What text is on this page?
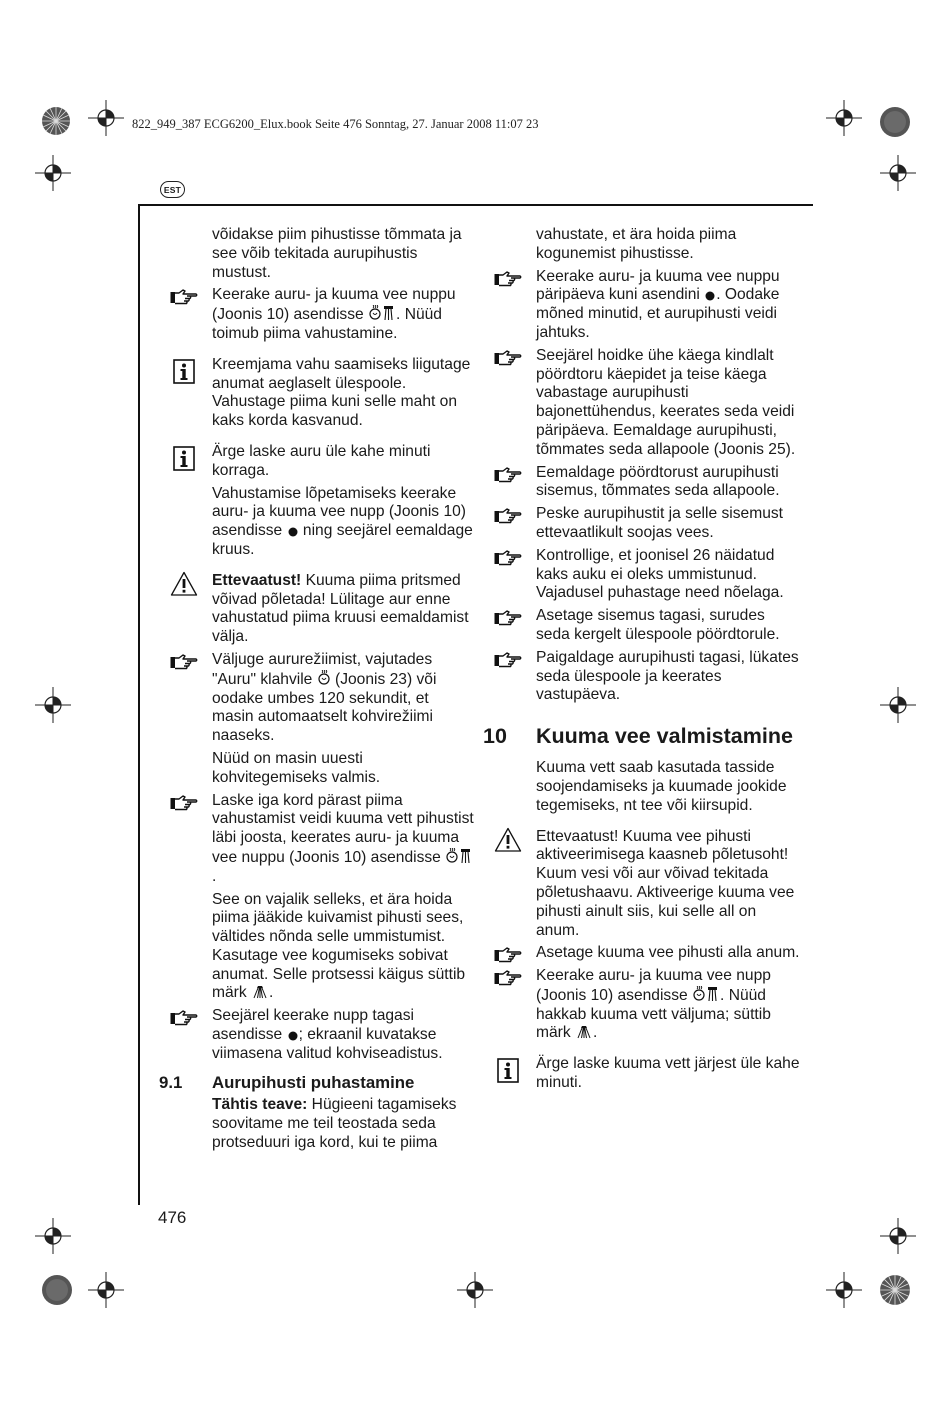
822_949_387 ECG6200_Elux.book Seite 476 Sonntag, 27. Januar 2008 11:07 23
EST
476
võidakse piim pihustisse tõmmata ja see võib tekitada aurupihustis mustust.
Keerake auru- ja kuuma vee nuppu (Joonis 10) asendisse . Nüüd toimub piima vahustamine.
Kreemjama vahu saamiseks liigutage anumat aeglaselt ülespoole. Vahustage piima kuni selle maht on kaks korda kasvanud.
Ärge laske auru üle kahe minuti korraga.
Vahustamise lõpetamiseks keerake auru- ja kuuma vee nupp (Joonis 10) asendisse  ning seejärel eemaldage kruus.
Ettevaatust! Kuuma piima pritsmed võivad põletada! Lülitage aur enne vahustatud piima kruusi eemaldamist välja.
Väljuge aururežiimist, vajutades "Auru" klahvile  (Joonis 23) või oodake umbes 120 sekundit, et masin automaatselt kohvirežiimi naaseks.
Nüüd on masin uuesti kohvitegemiseks valmis.
Laske iga kord pärast piima vahustamist veidi kuuma vett pihustist läbi joosta, keerates auru- ja kuuma vee nuppu (Joonis 10) asendisse .
See on vajalik selleks, et ära hoida piima jääkide kuivamist pihusti sees, vältides nõnda selle ummistumist. Kasutage vee kogumiseks sobivat anumat. Selle protsessi käigus süttib märk .
Seejärel keerake nupp tagasi asendisse ; ekraanil kuvatakse viimasena valitud kohviseadistus.
9.1 Aurupihusti puhastamine
Tähtis teave: Hügieeni tagamiseks soovitame me teil teostada seda protseduuri iga kord, kui te piima
vahustate, et ära hoida piima kogunemist pihustisse.
Keerake auru- ja kuuma vee nuppu päripäeva kuni asendini . Oodake mõned minutid, et aurupihusti veidi jahtuks.
Seejärel hoidke ühe käega kindlalt pöördtoru käepidet ja teise käega vabastage aurupihusti bajonettühendus, keerates seda veidi päripäeva. Eemaldage aurupihusti, tõmmates seda allapoole (Joonis 25).
Eemaldage pöördtorust aurupihusti sisemus, tõmmates seda allapoole.
Peske aurupihustit ja selle sisemust ettevaatlikult soojas vees.
Kontrollige, et joonisel 26 näidatud kaks auku ei oleks ummistunud. Vajadusel puhastage need nõelaga.
Asetage sisemus tagasi, surudes seda kergelt ülespoole pöördtorule.
Paigaldage aurupihusti tagasi, lükates seda ülespoole ja keerates vastupäeva.
10 Kuuma vee valmistamine
Kuuma vett saab kasutada tasside soojendamiseks ja kuumade jookide tegemiseks, nt tee või kiirsupid.
Ettevaatust! Kuuma vee pihusti aktiveerimisega kaasneb põletusoht! Kuum vesi või aur võivad tekitada põletushaavu. Aktiveerige kuuma vee pihusti ainult siis, kui selle all on anum.
Asetage kuuma vee pihusti alla anum.
Keerake auru- ja kuuma vee nupp (Joonis 10) asendisse . Nüüd hakkab kuuma vett väljuma; süttib märk .
Ärge laske kuuma vett järjest üle kahe minuti.
